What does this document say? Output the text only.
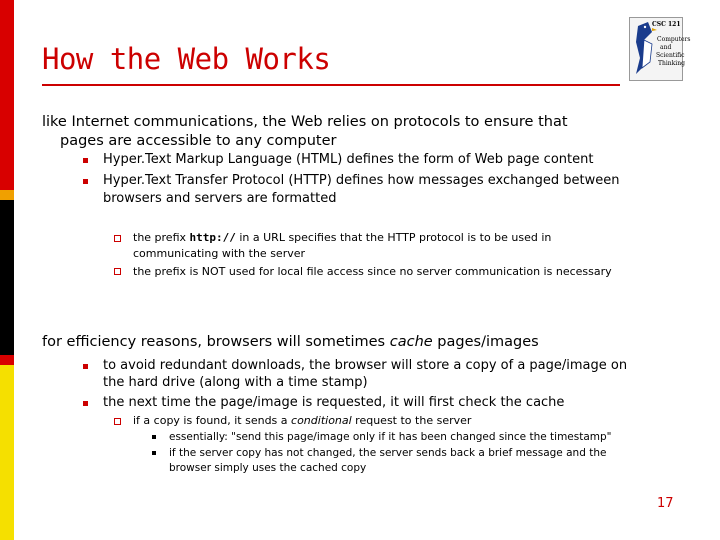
How the Web Works
CSC 121
Computers
and
Scientific
Thinking
like Internet communications, the Web relies on protocols to ensure that
pages are accessible to any computer
Hyper.Text Markup Language (HTML) defines the form of Web page content
Hyper.Text Transfer Protocol (HTTP) defines how messages exchanged between
browsers and servers are formatted
the prefix http:// in a URL specifies that the HTTP protocol is to be used in
communicating with the server
the prefix is NOT used for local file access since no server communication is necessary
for efficiency reasons, browsers will sometimes cache pages/images
to avoid redundant downloads, the browser will store a copy of a page/image on
the hard drive (along with a time stamp)
the next time the page/image is requested, it will first check the cache
if a copy is found, it sends a conditional request to the server
essentially: "send this page/image only if it has been changed since the timestamp"
if the server copy has not changed, the server sends back a brief message and the
browser simply uses the cached copy
17
